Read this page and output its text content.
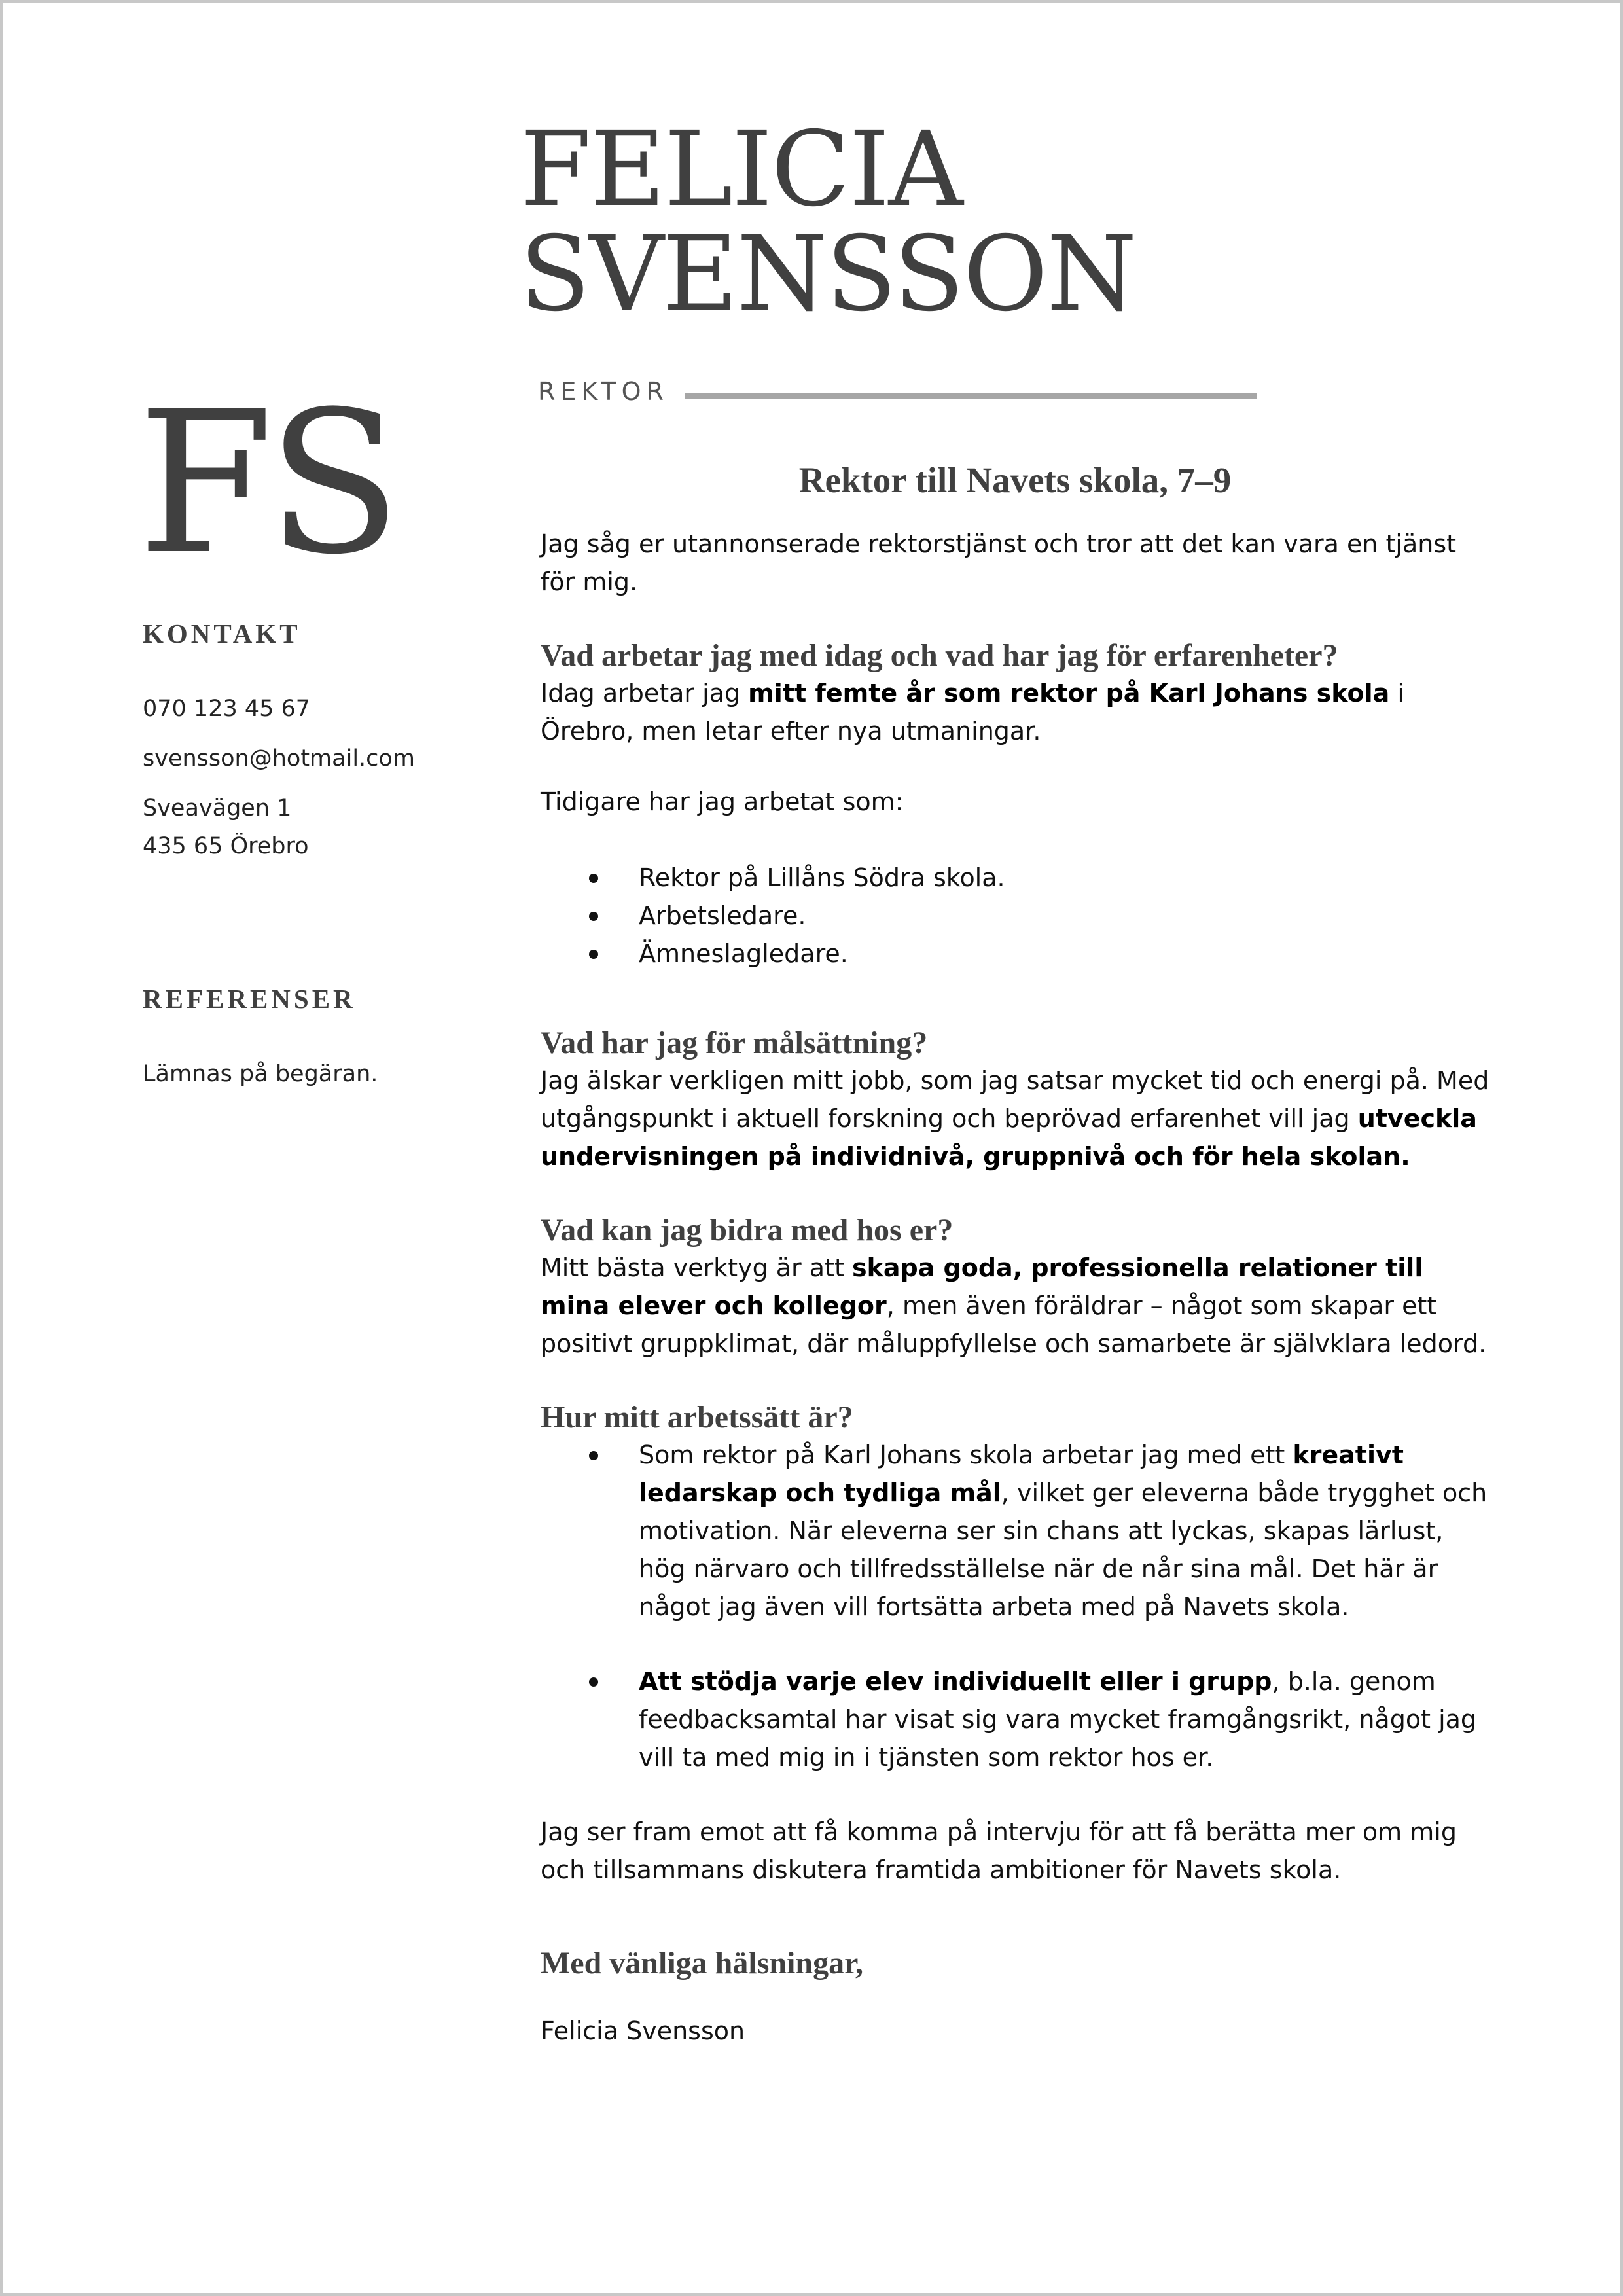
FELICIA
SVENSSON
REKTOR
FS
KONTAKT

070 123 45 67

svensson@hotmail.com

Sveavägen 1

435 65 Örebro

REFERENSER

Lämnas på begäran.

Rektor till Navets skola, 7–9

Jag såg er utannonserade rektorstjänst och tror att det kan vara en tjänst för mig.

Vad arbetar jag med idag och vad har jag för erfarenheter?

Idag arbetar jag mitt femte år som rektor på Karl Johans skola i Örebro, men letar efter nya utmaningar.

Tidigare har jag arbetat som:

Rektor på Lillåns Södra skola.
Arbetsledare.
Ämneslagledare.
Vad har jag för målsättning?

Jag älskar verkligen mitt jobb, som jag satsar mycket tid och energi på. Med utgångspunkt i aktuell forskning och beprövad erfarenhet vill jag utveckla undervisningen på individnivå, gruppnivå och för hela skolan.

Vad kan jag bidra med hos er?

Mitt bästa verktyg är att skapa goda, professionella relationer till mina elever och kollegor, men även föräldrar – något som skapar ett positivt gruppklimat, där måluppfyllelse och samarbete är självklara ledord.

Hur mitt arbetssätt är?
Som rektor på Karl Johans skola arbetar jag med ett kreativt ledarskap och tydliga mål, vilket ger eleverna både trygghet och motivation. När eleverna ser sin chans att lyckas, skapas lärlust, hög närvaro och tillfredsställelse när de når sina mål. Det här är något jag även vill fortsätta arbeta med på Navets skola.
Att stödja varje elev individuellt eller i grupp, b.la. genom feedbacksamtal har visat sig vara mycket framgångsrikt, något jag vill ta med mig in i tjänsten som rektor hos er.

Jag ser fram emot att få komma på intervju för att få berätta mer om mig och tillsammans diskutera framtida ambitioner för Navets skola.

Med vänliga hälsningar,

Felicia Svensson
